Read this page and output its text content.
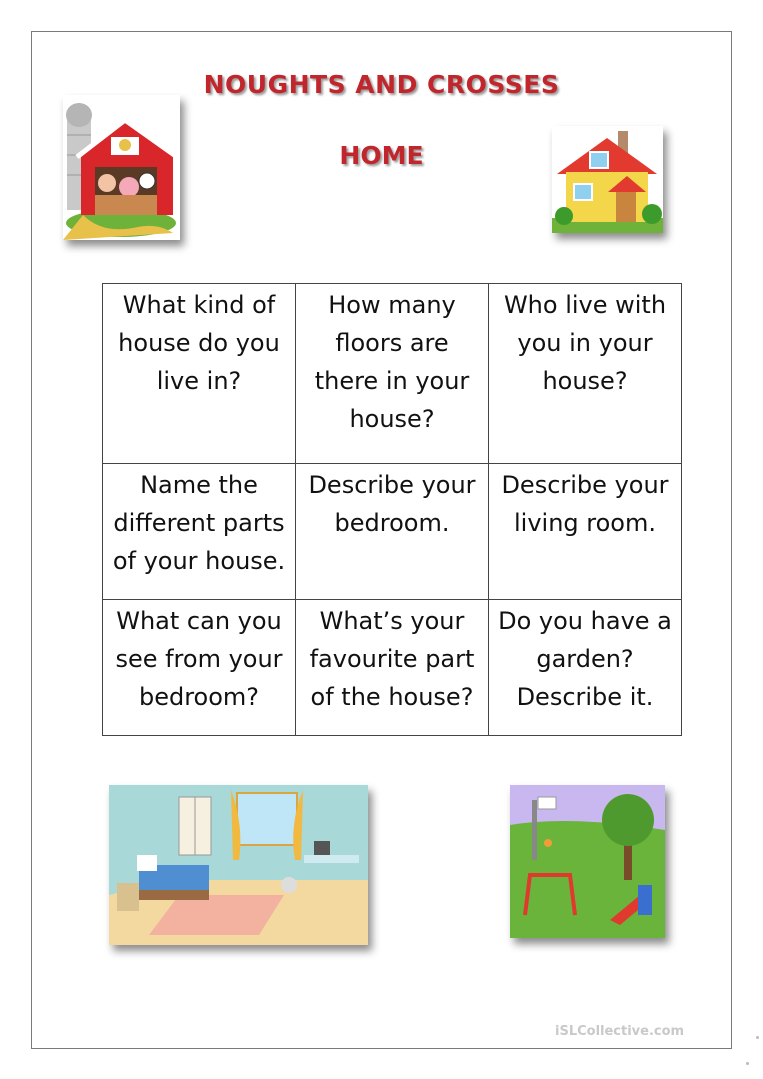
NOUGHTS AND CROSSES
HOME
What kind of house do you live in?	How many floors are there in your house?	Who live with you in your house?
Name the different parts of your house.	Describe your bedroom.	Describe your living room.
What can you see from your bedroom?	What’s your favourite part of the house?	Do you have a garden? Describe it.
iSLCollective.com
